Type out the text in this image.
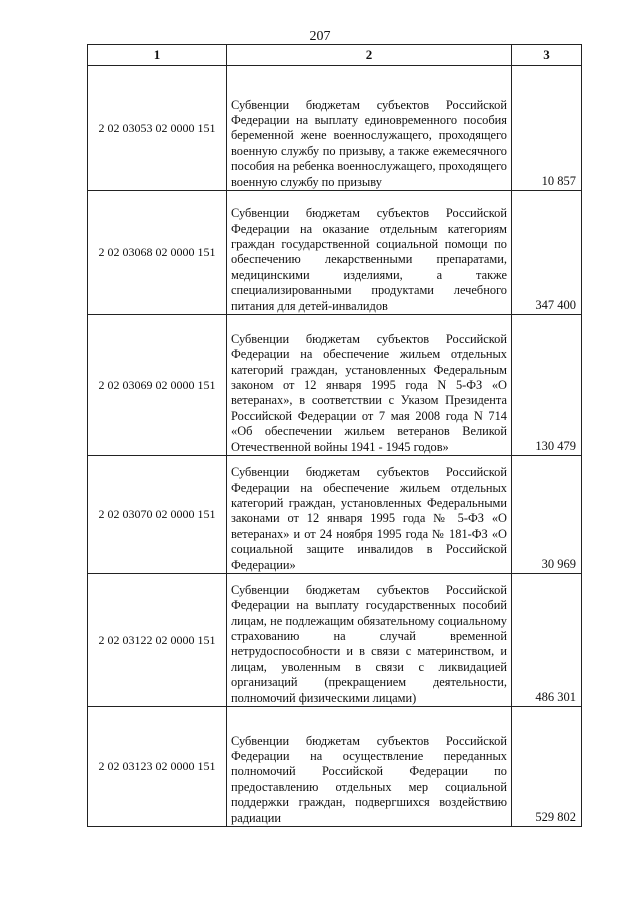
207
1	2	3
2 02 03053 02 0000 151	Субвенции бюджетам субъектов Российской Федерации на выплату единовременного пособия беременной жене военнослужащего, проходящего военную службу по призыву, а также ежемесячного пособия на ребенка военнослужащего, проходящего военную службу по призыву	10 857
2 02 03068 02 0000 151	Субвенции бюджетам субъектов Российской Федерации на оказание отдельным категориям граждан государственной социальной помощи по обеспечению лекарственными препаратами, медицинскими изделиями, а также специализированными продуктами лечебного питания для детей-инвалидов	347 400
2 02 03069 02 0000 151	Субвенции бюджетам субъектов Российской Федерации на обеспечение жильем отдельных категорий граждан, установленных Федеральным законом от 12 января 1995 года N 5-ФЗ «О ветеранах», в соответствии с Указом Президента Российской Федерации от 7 мая 2008 года N 714 «Об обеспечении жильем ветеранов Великой Отечественной войны 1941 - 1945 годов»	130 479
2 02 03070 02 0000 151	Субвенции бюджетам субъектов Российской Федерации на обеспечение жильем отдельных категорий граждан, установленных Федеральными законами от 12 января 1995 года № 5-ФЗ «О ветеранах» и от 24 ноября 1995 года № 181-ФЗ «О социальной защите инвалидов в Российской Федерации»	30 969
2 02 03122 02 0000 151	Субвенции бюджетам субъектов Российской Федерации на выплату государственных пособий лицам, не подлежащим обязательному социальному страхованию на случай временной нетрудоспособности и в связи с материнством, и лицам, уволенным в связи с ликвидацией организаций (прекращением деятельности, полномочий физическими лицами)	486 301
2 02 03123 02 0000 151	Субвенции бюджетам субъектов Российской Федерации на осуществление переданных полномочий Российской Федерации по предоставлению отдельных мер социальной поддержки граждан, подвергшихся воздействию радиации	529 802
